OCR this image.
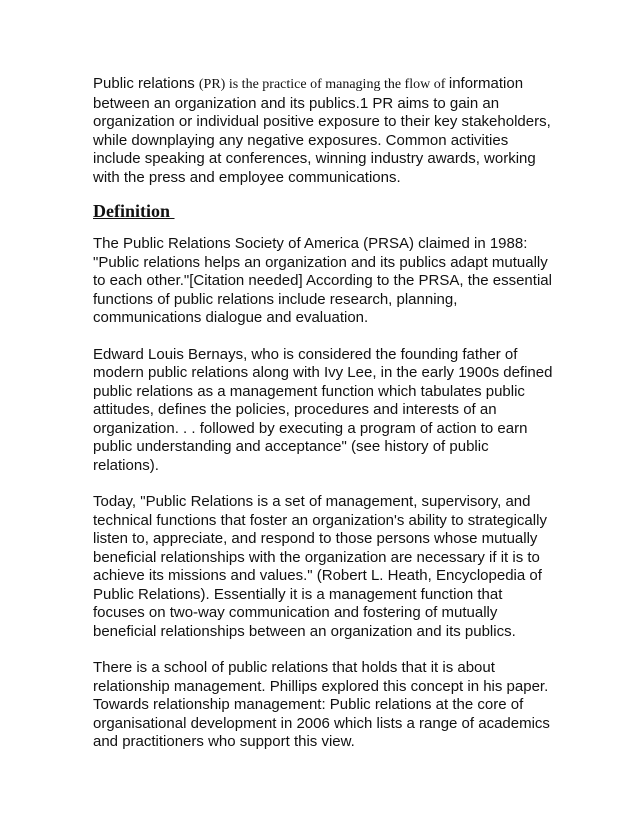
Public relations (PR) is the practice of managing the flow of information between an organization and its publics.1 PR aims to gain an organization or individual positive exposure to their key stakeholders, while downplaying any negative exposures. Common activities include speaking at conferences, winning industry awards, working with the press and employee communications.

Definition

The Public Relations Society of America (PRSA) claimed in 1988: "Public relations helps an organization and its publics adapt mutually to each other."[Citation needed] According to the PRSA, the essential functions of public relations include research, planning, communications dialogue and evaluation.

Edward Louis Bernays, who is considered the founding father of modern public relations along with Ivy Lee, in the early 1900s defined public relations as a management function which tabulates public attitudes, defines the policies, procedures and interests of an organization. . . followed by executing a program of action to earn public understanding and acceptance" (see history of public relations).

Today, "Public Relations is a set of management, supervisory, and technical functions that foster an organization's ability to strategically listen to, appreciate, and respond to those persons whose mutually beneficial relationships with the organization are necessary if it is to achieve its missions and values." (Robert L. Heath, Encyclopedia of Public Relations). Essentially it is a management function that focuses on two-way communication and fostering of mutually beneficial relationships between an organization and its publics.

There is a school of public relations that holds that it is about relationship management. Phillips explored this concept in his paper. Towards relationship management: Public relations at the core of organisational development in 2006 which lists a range of academics and practitioners who support this view.
